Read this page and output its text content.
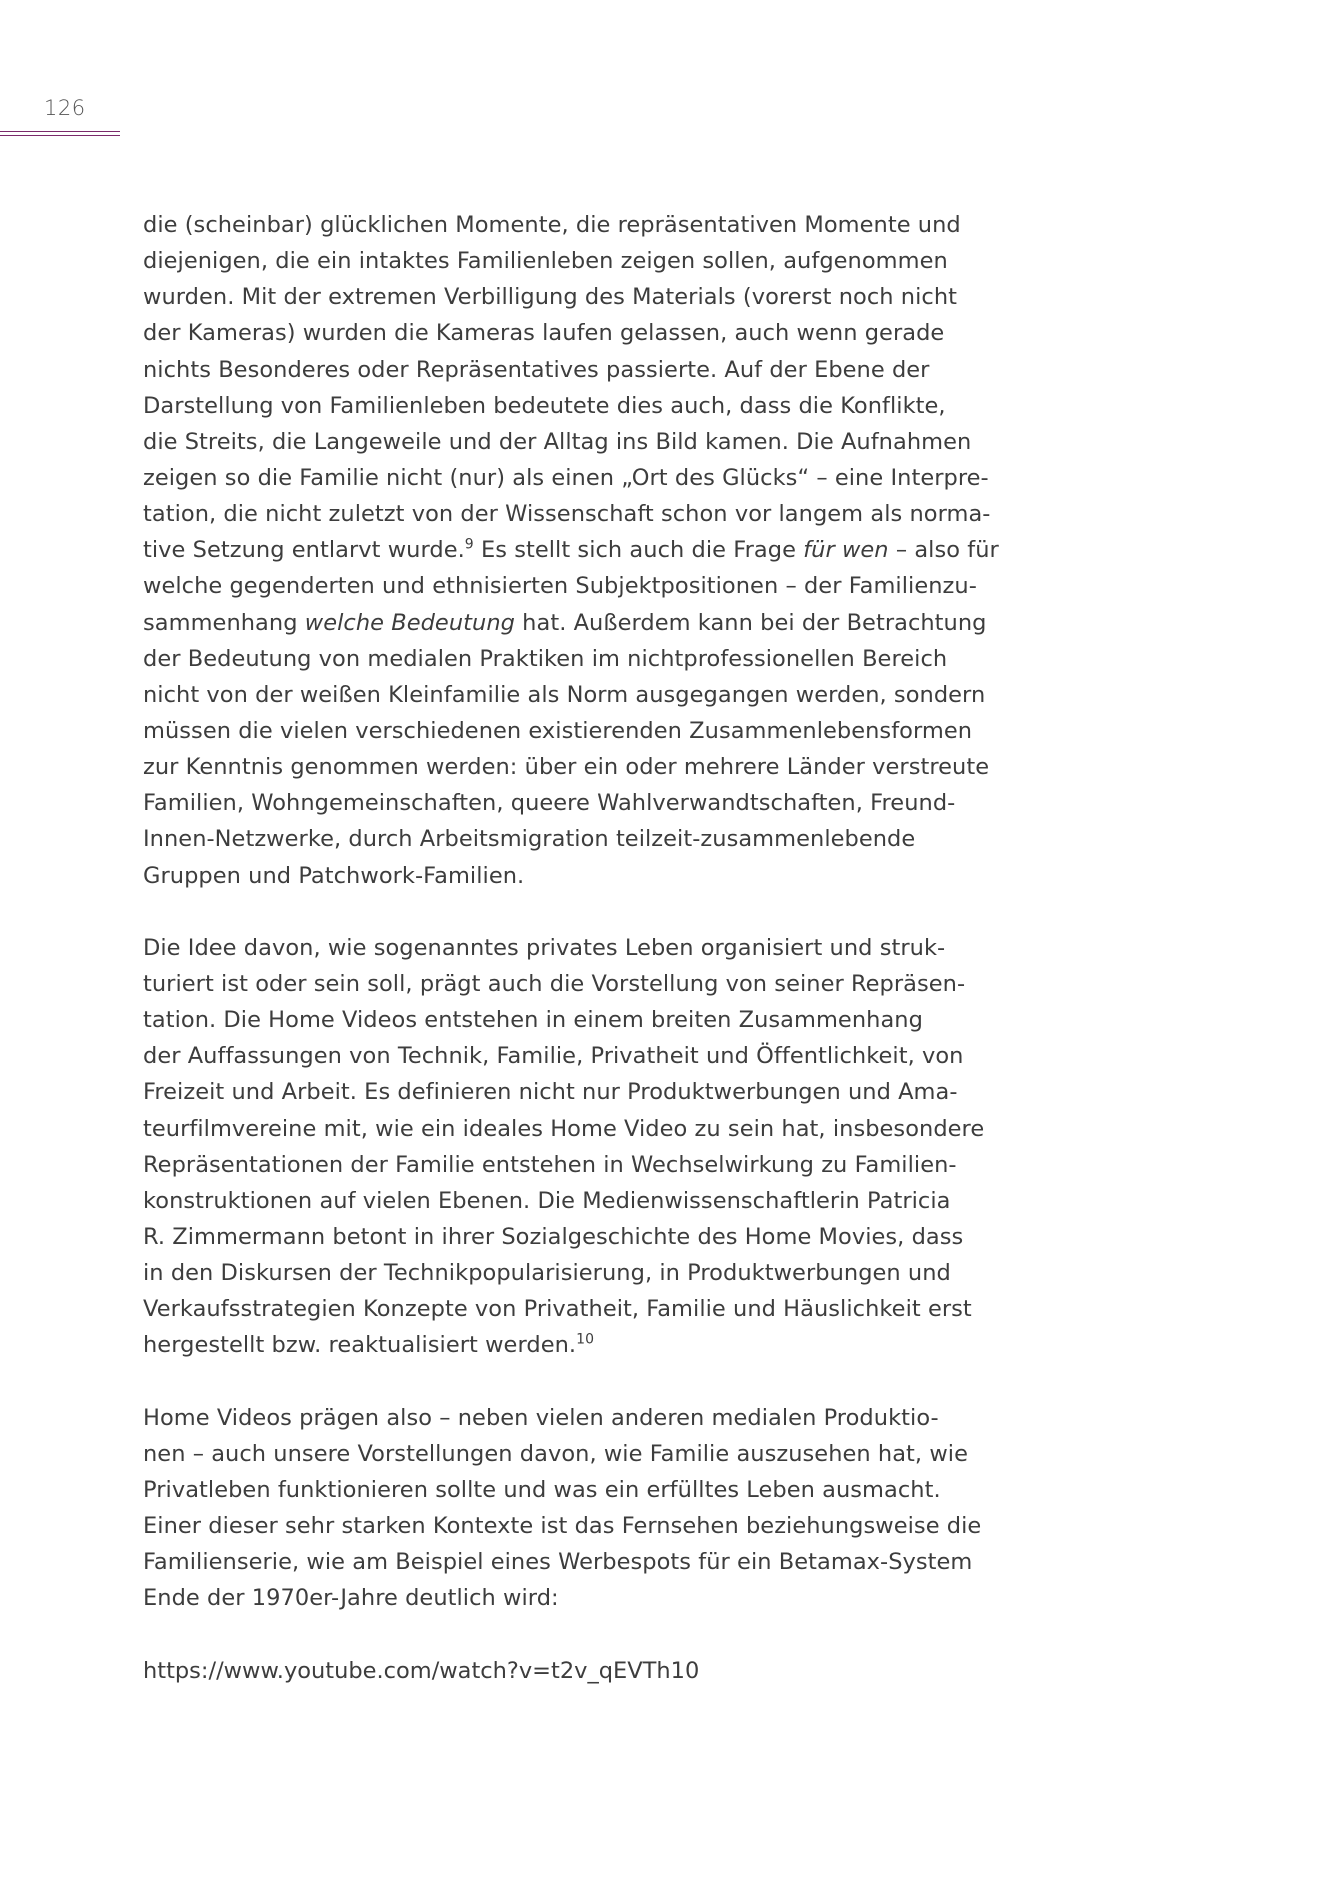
126
die (scheinbar) glücklichen Momente, die repräsentativen Momente und
diejenigen, die ein intaktes Familienleben zeigen sollen, aufgenommen
wurden. Mit der extremen Verbilligung des Materials (vorerst noch nicht
der Kameras) wurden die Kameras laufen gelassen, auch wenn gerade
nichts Besonderes oder Repräsentatives passierte. Auf der Ebene der
Darstellung von Familienleben bedeutete dies auch, dass die Konflikte,
die Streits, die Langeweile und der Alltag ins Bild kamen. Die Aufnahmen
zeigen so die Familie nicht (nur) als einen „Ort des Glücks“ – eine Interpre-
tation, die nicht zuletzt von der Wissenschaft schon vor langem als norma-
tive Setzung entlarvt wurde.$^9$ Es stellt sich auch die Frage für wen – also für
welche gegenderten und ethnisierten Subjektpositionen – der Familienzu-
sammenhang welche Bedeutung hat. Außerdem kann bei der Betrachtung
der Bedeutung von medialen Praktiken im nichtprofessionellen Bereich
nicht von der weißen Kleinfamilie als Norm ausgegangen werden, sondern
müssen die vielen verschiedenen existierenden Zusammenlebensformen
zur Kenntnis genommen werden: über ein oder mehrere Länder verstreute
Familien, Wohngemeinschaften, queere Wahlverwandtschaften, Freund-
Innen-Netzwerke, durch Arbeitsmigration teilzeit-zusammenlebende
Gruppen und Patchwork-Familien.
Die Idee davon, wie sogenanntes privates Leben organisiert und struk-
turiert ist oder sein soll, prägt auch die Vorstellung von seiner Repräsen-
tation. Die Home Videos entstehen in einem breiten Zusammenhang
der Auffassungen von Technik, Familie, Privatheit und Öffentlichkeit, von
Freizeit und Arbeit. Es definieren nicht nur Produktwerbungen und Ama-
teurfilmvereine mit, wie ein ideales Home Video zu sein hat, insbesondere
Repräsentationen der Familie entstehen in Wechselwirkung zu Familien-
konstruktionen auf vielen Ebenen. Die Medienwissenschaftlerin Patricia
R. Zimmermann betont in ihrer Sozialgeschichte des Home Movies, dass
in den Diskursen der Technikpopularisierung, in Produktwerbungen und
Verkaufsstrategien Konzepte von Privatheit, Familie und Häuslichkeit erst
hergestellt bzw. reaktualisiert werden.$^{10}$
Home Videos prägen also – neben vielen anderen medialen Produktio-
nen – auch unsere Vorstellungen davon, wie Familie auszusehen hat, wie
Privatleben funktionieren sollte und was ein erfülltes Leben ausmacht.
Einer dieser sehr starken Kontexte ist das Fernsehen beziehungsweise die
Familienserie, wie am Beispiel eines Werbespots für ein Betamax-System
Ende der 1970er-Jahre deutlich wird:
https://www.youtube.com/watch?v=t2v_qEVTh10
